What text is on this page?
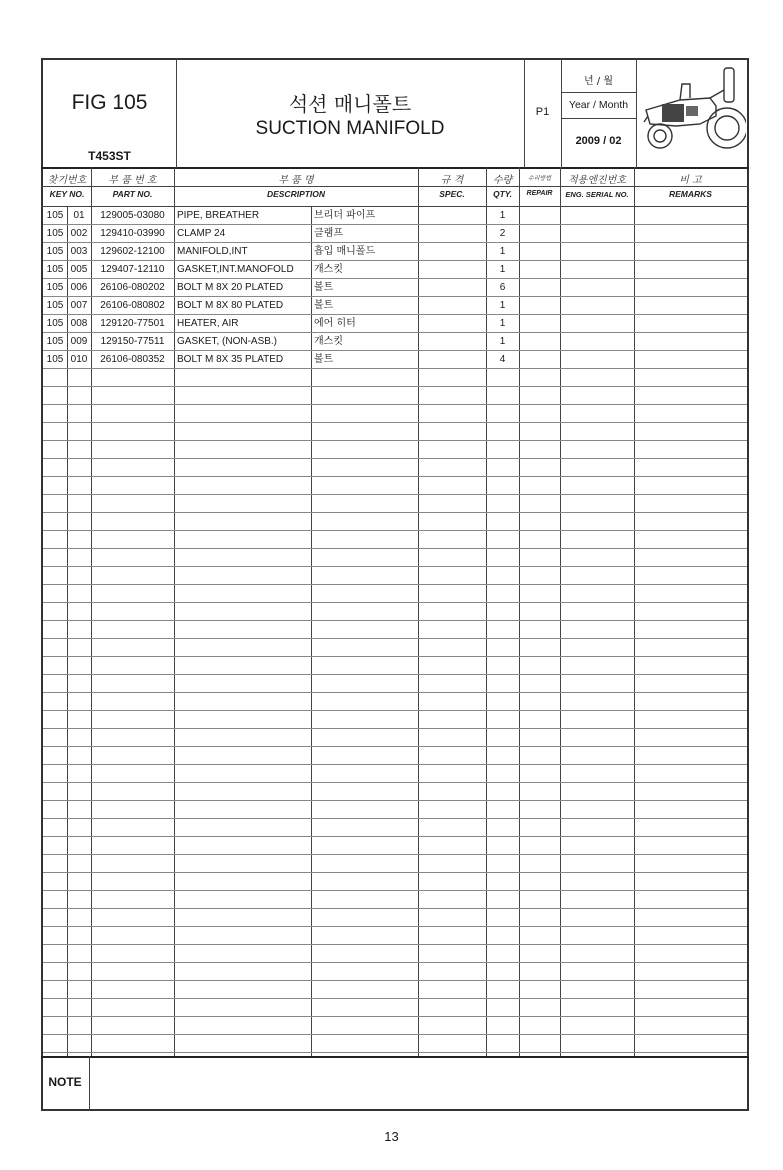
FIG 105
T453ST
석션 매니폴트
SUCTION MANIFOLD
P1
년 / 월
Year / Month
2009 / 02
찾기번호
KEY NO.
부 품 번 호
PART NO.
부 품 명
DESCRIPTION
규 격
SPEC.
수량
QTY.
수리방법
REPAIR
적용엔진번호
ENG. SERIAL NO.
비 고
REMARKS
105	01	129005-03080	PIPE, BREATHER	브리더 파이프	1
105 002	129410-03990	CLAMP 24	클램프	2
105 003	129602-12100	MANIFOLD,INT	흡입 매니폴드	1
105 005	129407-12110	GASKET,INT.MANOFOLD	개스킷	1
105 006	26106-080202	BOLT M 8X 20 PLATED	볼트	6
105 007	26106-080802	BOLT M 8X 80 PLATED	볼트	1
105 008	129120-77501	HEATER, AIR	에어 히터	1
105 009	129150-77511	GASKET, (NON-ASB.)	개스킷	1
105 010	26106-080352	BOLT M 8X 35 PLATED	볼트	4
NOTE
13
